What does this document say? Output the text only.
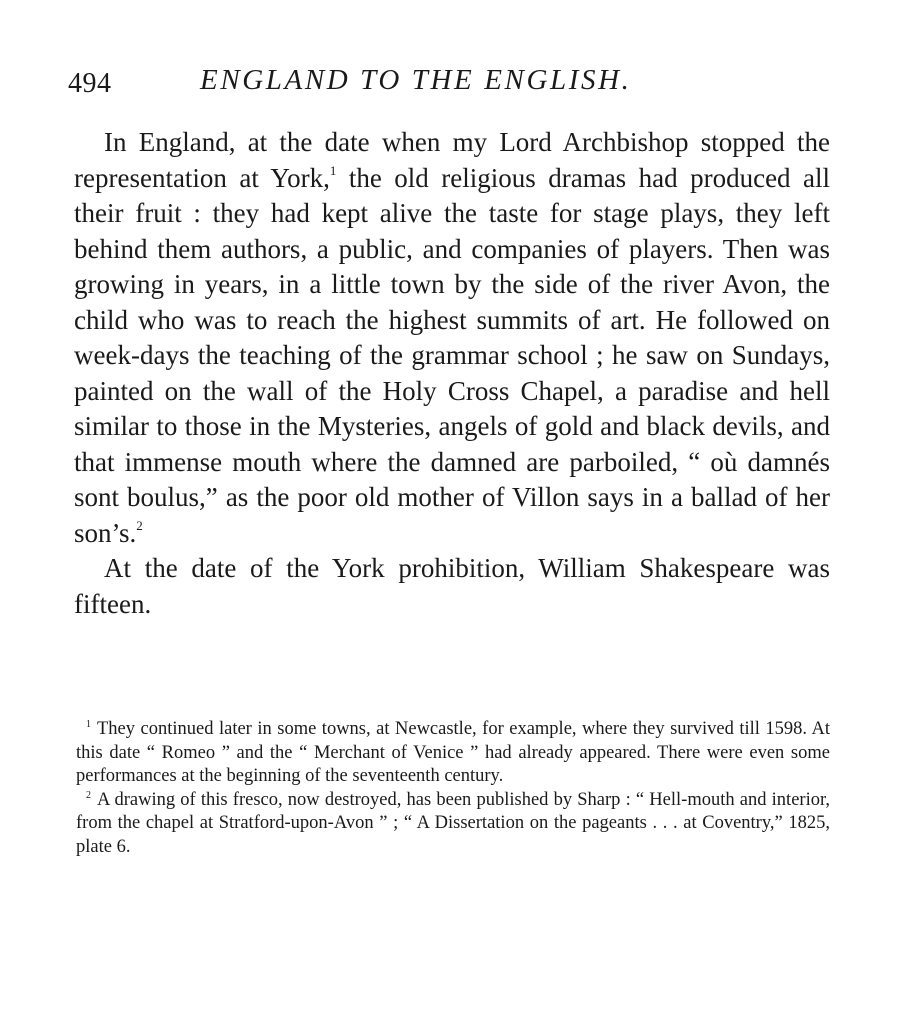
494	ENGLAND TO THE ENGLISH.

In England, at the date when my Lord Archbishop stopped the representation at York,$^1$ the old religious dramas had produced all their fruit : they had kept alive the taste for stage plays, they left behind them authors, a public, and companies of players. Then was growing in years, in a little town by the side of the river Avon, the child who was to reach the highest summits of art. He followed on week-days the teaching of the grammar school ; he saw on Sundays, painted on the wall of the Holy Cross Chapel, a paradise and hell similar to those in the Mysteries, angels of gold and black devils, and that immense mouth where the damned are parboiled, “ où damnés sont boulus,” as the poor old mother of Villon says in a ballad of her son’s.$^2$

At the date of the York prohibition, William Shakespeare was fifteen.

$^1$ They continued later in some towns, at Newcastle, for example, where they survived till 1598. At this date “ Romeo ” and the “ Merchant of Venice ” had already appeared. There were even some performances at the beginning of the seventeenth century.

$^2$ A drawing of this fresco, now destroyed, has been published by Sharp : “ Hell-mouth and interior, from the chapel at Stratford-upon-Avon ” ; “ A Dissertation on the pageants . . . at Coventry,” 1825, plate 6.
